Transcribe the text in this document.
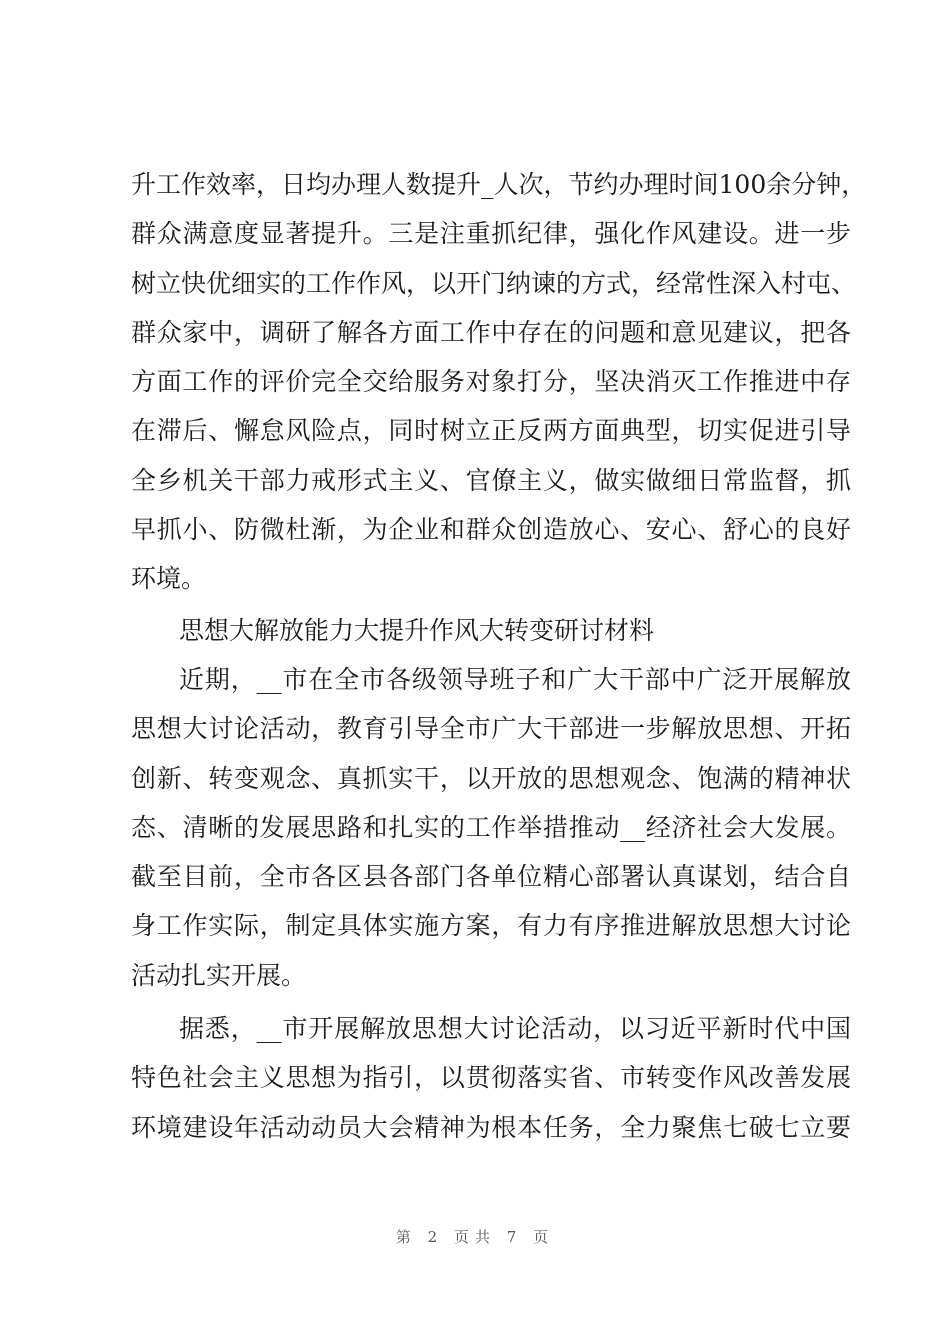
升工作效率，日均办理人数提升_人次，节约办理时间100余分钟，
群众满意度显著提升。三是注重抓纪律，强化作风建设。进一步
树立快优细实的工作作风，以开门纳谏的方式，经常性深入村屯、
群众家中，调研了解各方面工作中存在的问题和意见建议，把各
方面工作的评价完全交给服务对象打分，坚决消灭工作推进中存
在滞后、懈怠风险点，同时树立正反两方面典型，切实促进引导
全乡机关干部力戒形式主义、官僚主义，做实做细日常监督，抓
早抓小、防微杜渐，为企业和群众创造放心、安心、舒心的良好
环境。
思想大解放能力大提升作风大转变研讨材料
近期，__市在全市各级领导班子和广大干部中广泛开展解放
思想大讨论活动，教育引导全市广大干部进一步解放思想、开拓
创新、转变观念、真抓实干，以开放的思想观念、饱满的精神状
态、清晰的发展思路和扎实的工作举措推动__经济社会大发展。
截至目前，全市各区县各部门各单位精心部署认真谋划，结合自
身工作实际，制定具体实施方案，有力有序推进解放思想大讨论
活动扎实开展。
据悉，__市开展解放思想大讨论活动，以习近平新时代中国
特色社会主义思想为指引，以贯彻落实省、市转变作风改善发展
环境建设年活动动员大会精神为根本任务，全力聚焦七破七立要
第 2 页共 7 页
